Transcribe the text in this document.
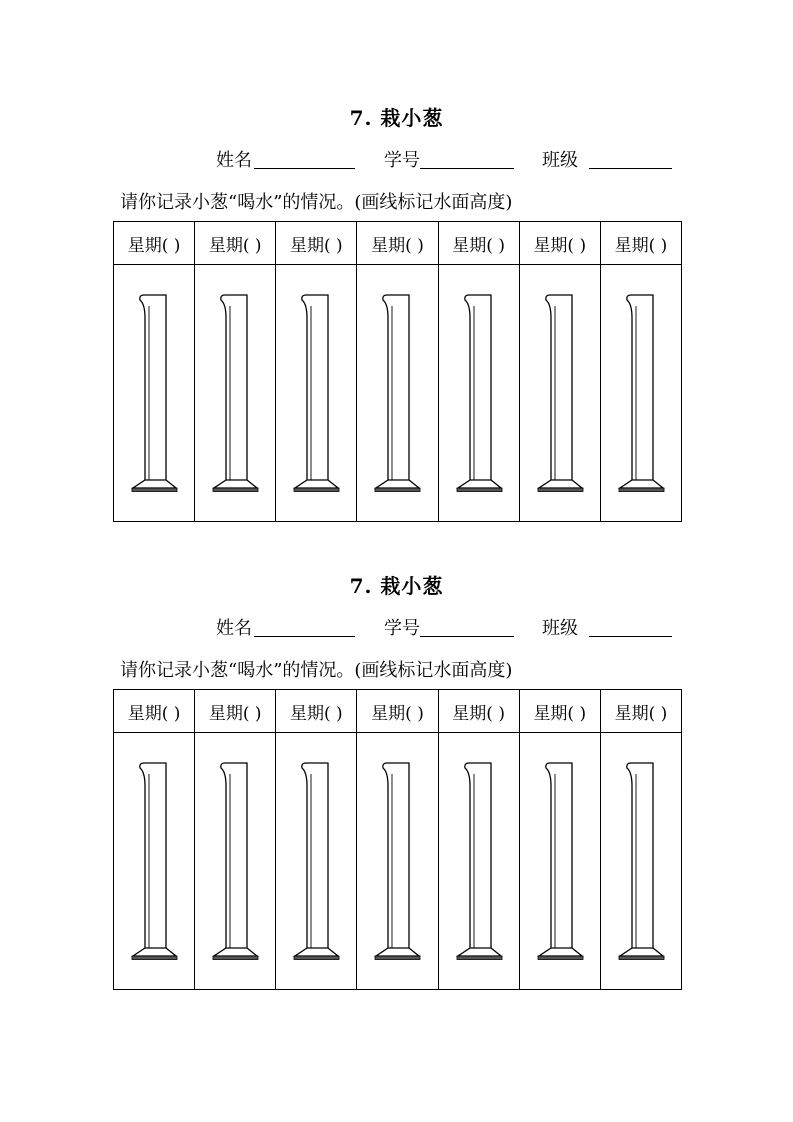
7. 栽小葱
姓名	学号	班级
请你记录小葱“喝水”的情况。(画线标记水面高度)
星期( )	星期( )	星期( )	星期( )	星期( )	星期( )	星期( )

7. 栽小葱
姓名	学号	班级
请你记录小葱“喝水”的情况。(画线标记水面高度)
星期( )	星期( )	星期( )	星期( )	星期( )	星期( )	星期( )
